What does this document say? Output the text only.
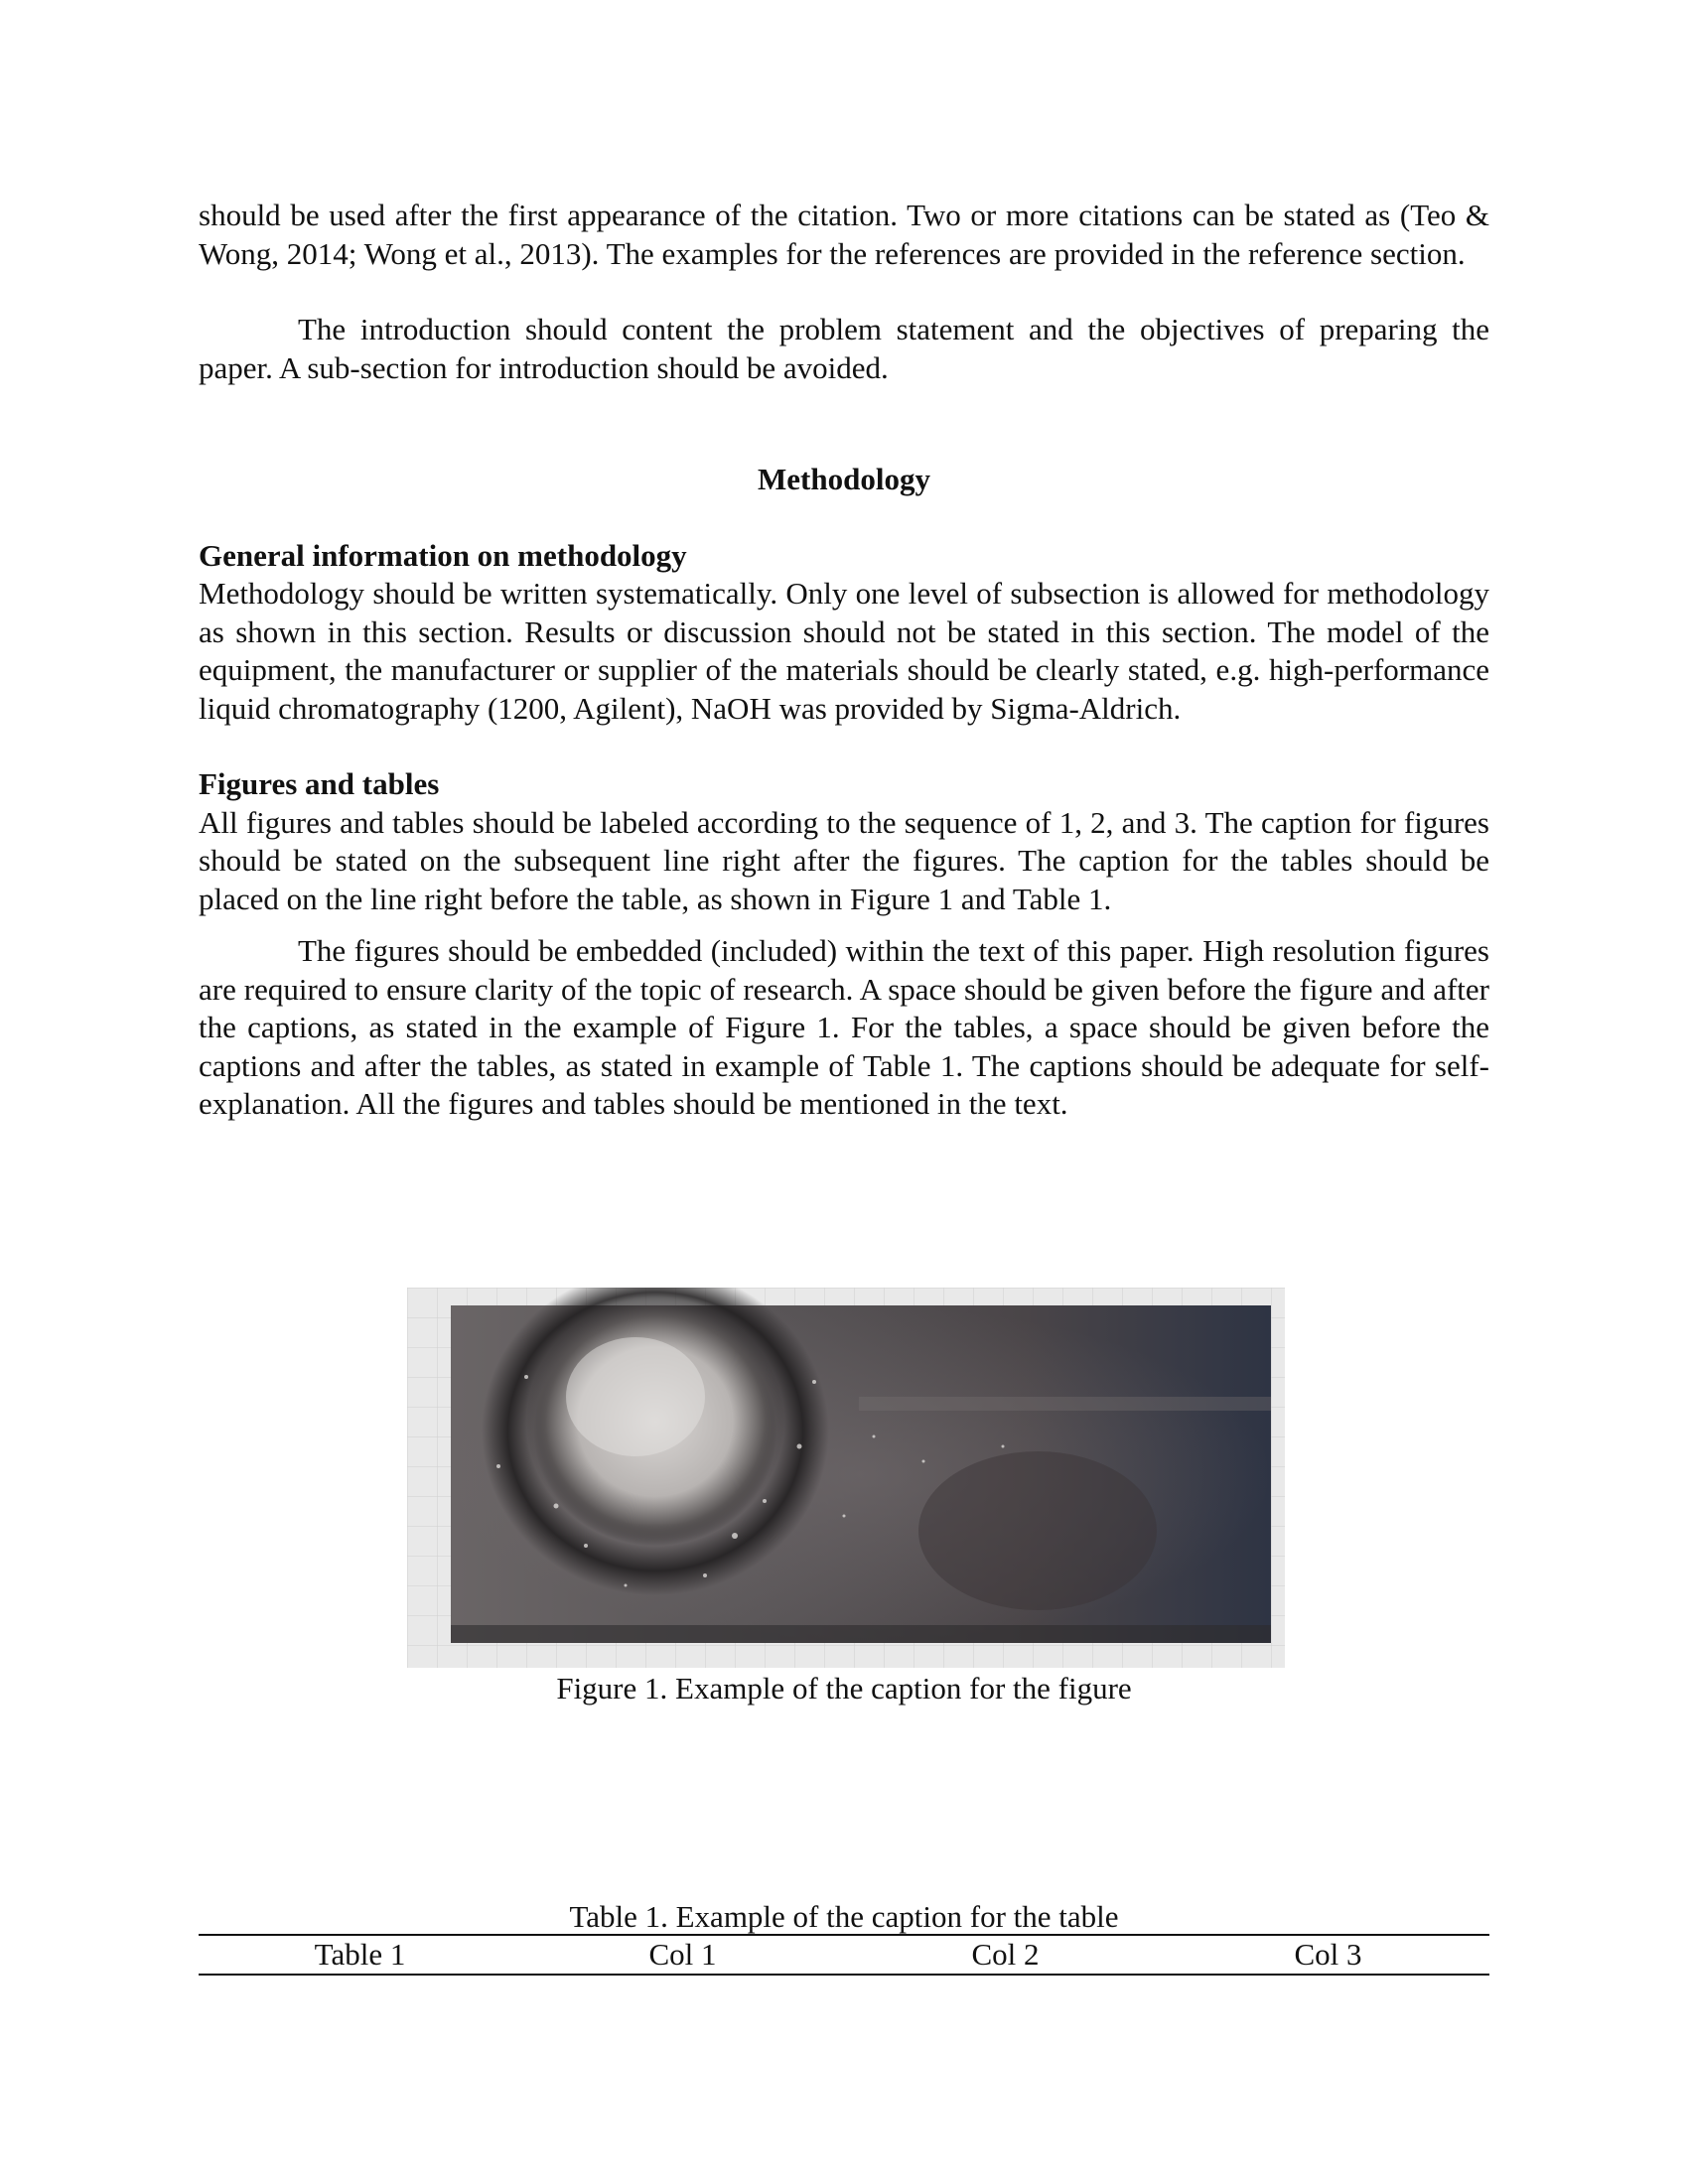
should be used after the first appearance of the citation. Two or more citations can be stated as (Teo & Wong, 2014; Wong et al., 2013). The examples for the references are provided in the reference section.

The introduction should content the problem statement and the objectives of preparing the paper. A sub-section for introduction should be avoided.

Methodology

General information on methodology

Methodology should be written systematically. Only one level of subsection is allowed for methodology as shown in this section. Results or discussion should not be stated in this section. The model of the equipment, the manufacturer or supplier of the materials should be clearly stated, e.g. high-performance liquid chromatography (1200, Agilent), NaOH was provided by Sigma-Aldrich.

Figures and tables

All figures and tables should be labeled according to the sequence of 1, 2, and 3. The caption for figures should be stated on the subsequent line right after the figures. The caption for the tables should be placed on the line right before the table, as shown in Figure 1 and Table 1.

The figures should be embedded (included) within the text of this paper. High resolution figures are required to ensure clarity of the topic of research. A space should be given before the figure and after the captions, as stated in the example of Figure 1. For the tables, a space should be given before the captions and after the tables, as stated in example of Table 1. The captions should be adequate for self-explanation. All the figures and tables should be mentioned in the text.

Figure 1. Example of the caption for the figure

Table 1. Example of the caption for the table

Table 1	Col 1	Col 2	Col 3
